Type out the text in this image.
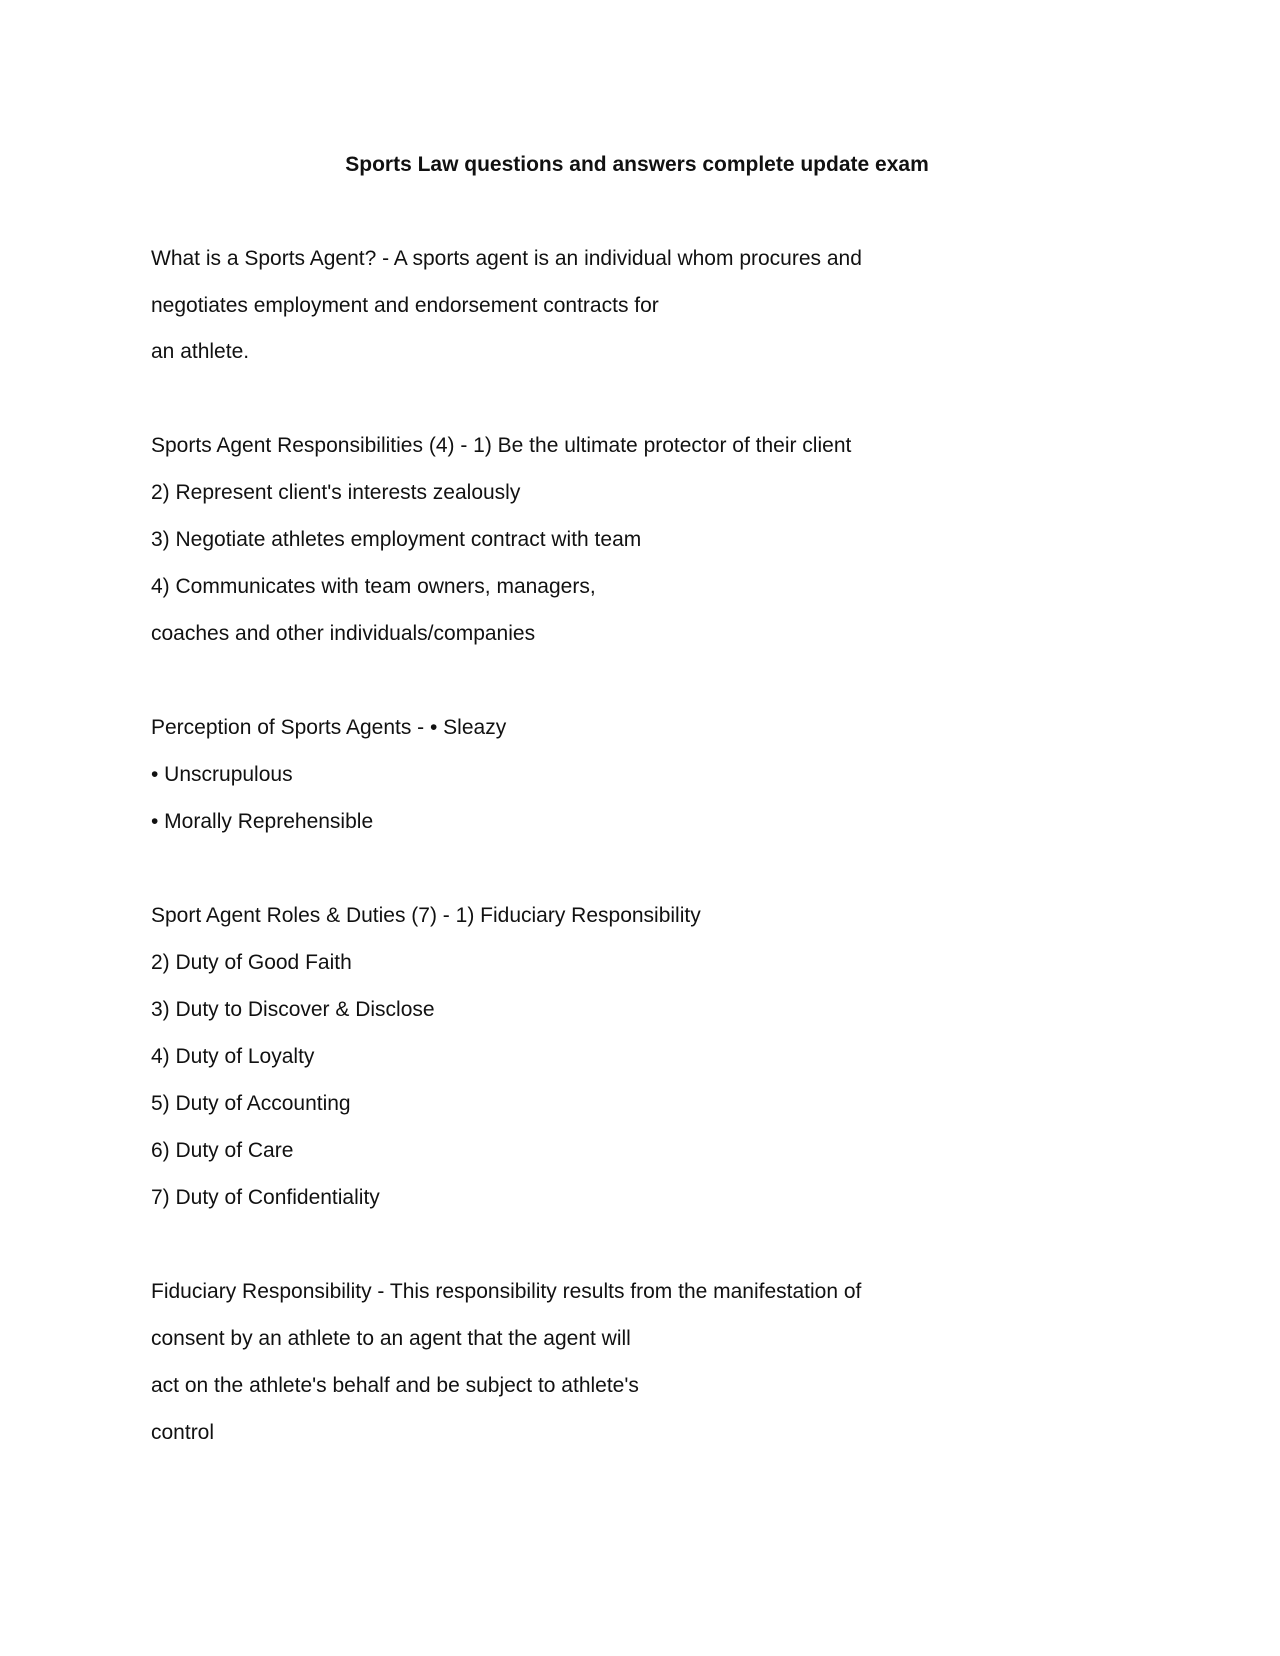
Sports Law questions and answers complete update exam
What is a Sports Agent? - A sports agent is an individual whom procures and
negotiates employment and endorsement contracts for
an athlete.
Sports Agent Responsibilities (4) - 1) Be the ultimate protector of their client
2) Represent client's interests zealously
3) Negotiate athletes employment contract with team
4) Communicates with team owners, managers,
coaches and other individuals/companies
Perception of Sports Agents - • Sleazy
• Unscrupulous
• Morally Reprehensible
Sport Agent Roles & Duties (7) - 1) Fiduciary Responsibility
2) Duty of Good Faith
3) Duty to Discover & Disclose
4) Duty of Loyalty
5) Duty of Accounting
6) Duty of Care
7) Duty of Confidentiality
Fiduciary Responsibility - This responsibility results from the manifestation of
consent by an athlete to an agent that the agent will
act on the athlete's behalf and be subject to athlete's
control
